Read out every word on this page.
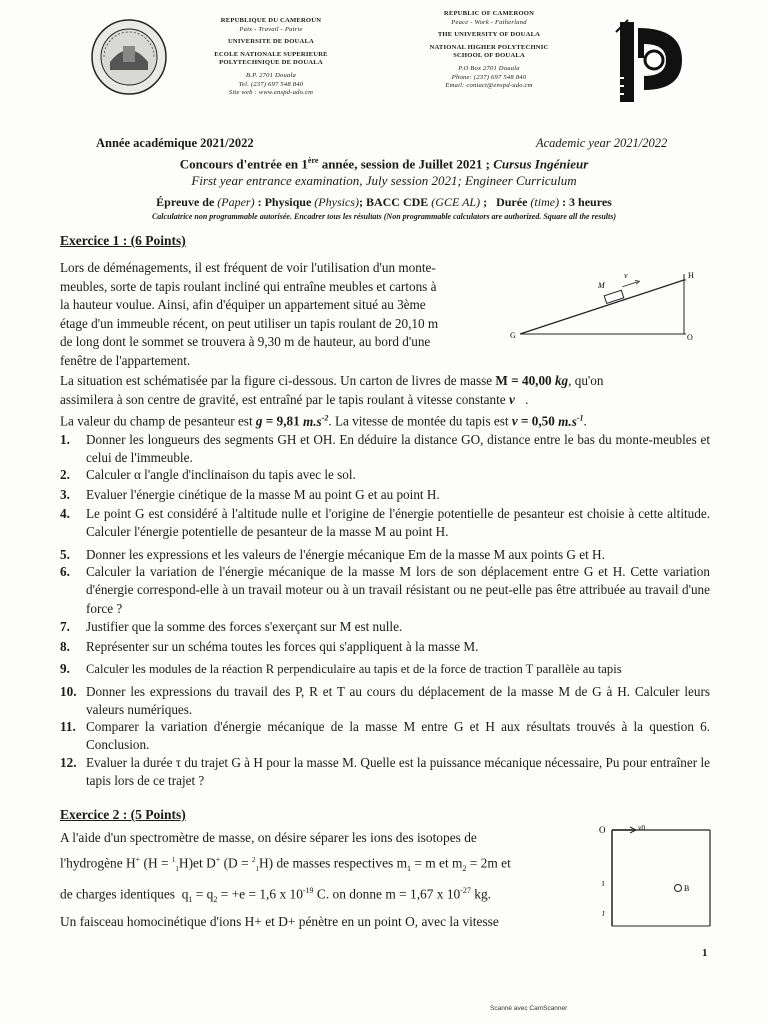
REPUBLIQUE DU CAMEROUN
Paix - Travail - Patrie
UNIVERSITE DE DOUALA
ECOLE NATIONALE SUPERIEURE
POLYTECHNIQUE DE DOUALA
B.P. 2701 Douala
Tel. (237) 697 548 840
Site web : www.enspd-udo.cm
REPUBLIC OF CAMEROON
Peace - Work - Fatherland
THE UNIVERSITY OF DOUALA
NATIONAL HIGHER POLYTECHNIC
SCHOOL OF DOUALA
P.O Box 2701 Douala
Phone: (237) 697 548 840
Email: contact@enspd-udo.cm
Année académique 2021/2022	Academic year 2021/2022
Concours d'entrée en 1ère année, session de Juillet 2021 ; Cursus Ingénieur
First year entrance examination, July session 2021; Engineer Curriculum
Épreuve de (Paper) : Physique (Physics); BACC CDE (GCE AL) ;   Durée (time) : 3 heures
Calculatrice non programmable autorisée. Encadrer tous les résultats (Non programmable calculators are authorized. Square all the results)
Exercice 1 : (6 Points)
Lors de déménagements, il est fréquent de voir l'utilisation d'un monte-
meubles, sorte de tapis roulant incliné qui entraîne meubles et cartons à
la hauteur voulue. Ainsi, afin d'équiper un appartement situé au 3ème
étage d'un immeuble récent, on peut utiliser un tapis roulant de 20,10 m
de long dont le sommet se trouvera à 9,30 m de hauteur, au bord d'une
fenêtre de l'appartement.
M
v	H
G	O
La situation est schématisée par la figure ci-dessous. Un carton de livres de masse M = 40,00 kg, qu'on
assimilera à son centre de gravité, est entraîné par le tapis roulant à vitesse constante v⃗.
La valeur du champ de pesanteur est g = 9,81 $m.s^{-2}$. La vitesse de montée du tapis est v = 0,50 $m.s^{-1}$.
1.	Donner les longueurs des segments GH et OH. En déduire la distance GO, distance entre le bas du monte-meubles et celui de l'immeuble.
2.	Calculer α l'angle d'inclinaison du tapis avec le sol.
3.	Evaluer l'énergie cinétique de la masse M au point G et au point H.
4.	Le point G est considéré à l'altitude nulle et l'origine de l'énergie potentielle de pesanteur est choisie à cette altitude. Calculer l'énergie potentielle de pesanteur de la masse M au point H.
5.	Donner les expressions et les valeurs de l'énergie mécanique Em de la masse M aux points G et H.
6.	Calculer la variation de l'énergie mécanique de la masse M lors de son déplacement entre G et H. Cette variation d'énergie correspond-elle à un travail moteur ou à un travail résistant ou ne peut-elle pas être attribuée au travail d'une force ?
7.	Justifier que la somme des forces s'exerçant sur M est nulle.
8.	Représenter sur un schéma toutes les forces qui s'appliquent à la masse M.
9.	Calculer les modules de la réaction R perpendiculaire au tapis et de la force de traction T parallèle au tapis
10. Donner les expressions du travail des P, R et T au cours du déplacement de la masse M de G à H. Calculer leurs valeurs numériques.
11. Comparer la variation d'énergie mécanique de la masse M entre G et H aux résultats trouvés à la question 6. Conclusion.
12. Evaluer la durée τ du trajet G à H pour la masse M. Quelle est la puissance mécanique nécessaire, Pu pour entraîner le tapis lors de ce trajet ?
Exercice 2 : (5 Points)
A l'aide d'un spectromètre de masse, on désire séparer les ions des isotopes de
l'hydrogène H+ (H = $^1_1$H)et D+ (D = $^2_1$H) de masses respectives $m_1 = m$ et $m_2 = 2m$ et
de charges identiques  $q_1 = q_2 = +e = 1,6$ x $10^{-19}$ C. on donne m = 1,67 x $10^{-27}$ kg.
Un faisceau homocinétique d'ions H+ et D+ pénètre en un point O, avec la vitesse
O	v0
B
I
J
1
Scanné avec CamScanner
